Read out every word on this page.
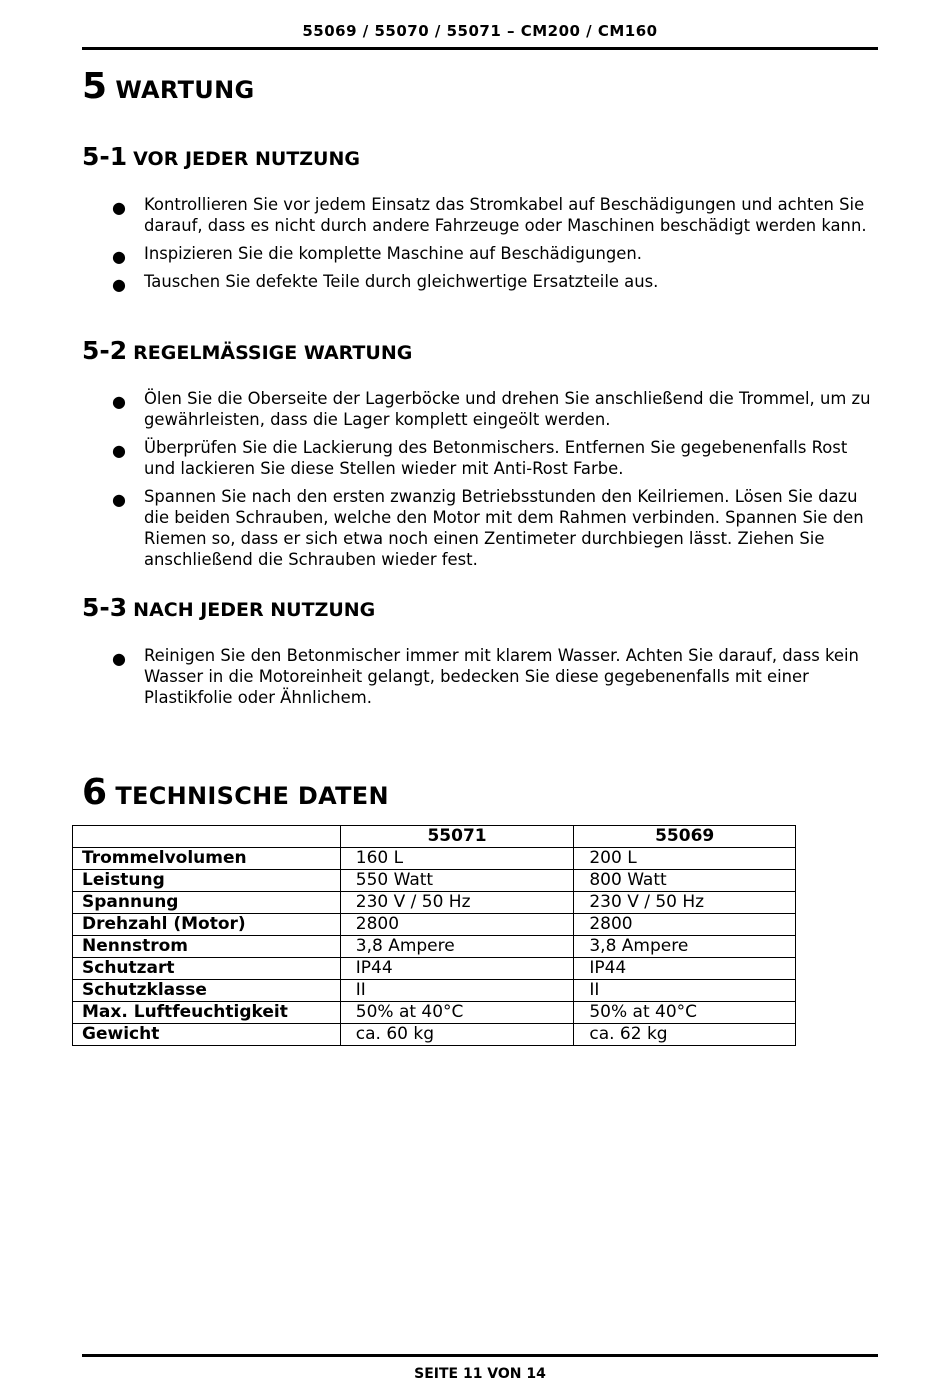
55069 / 55070 / 55071 – CM200 / CM160
5 WARTUNG
5-1 VOR JEDER NUTZUNG
● Kontrollieren Sie vor jedem Einsatz das Stromkabel auf Beschädigungen und achten Sie darauf, dass es nicht durch andere Fahrzeuge oder Maschinen beschädigt werden kann.
● Inspizieren Sie die komplette Maschine auf Beschädigungen.
● Tauschen Sie defekte Teile durch gleichwertige Ersatzteile aus.
5-2 REGELMÄSSIGE WARTUNG
● Ölen Sie die Oberseite der Lagerböcke und drehen Sie anschließend die Trommel, um zu gewährleisten, dass die Lager komplett eingeölt werden.
● Überprüfen Sie die Lackierung des Betonmischers. Entfernen Sie gegebenenfalls Rost und lackieren Sie diese Stellen wieder mit Anti-Rost Farbe.
● Spannen Sie nach den ersten zwanzig Betriebsstunden den Keilriemen. Lösen Sie dazu die beiden Schrauben, welche den Motor mit dem Rahmen verbinden. Spannen Sie den Riemen so, dass er sich etwa noch einen Zentimeter durchbiegen lässt. Ziehen Sie anschließend die Schrauben wieder fest.
5-3 NACH JEDER NUTZUNG
● Reinigen Sie den Betonmischer immer mit klarem Wasser. Achten Sie darauf, dass kein Wasser in die Motoreinheit gelangt, bedecken Sie diese gegebenenfalls mit einer Plastikfolie oder Ähnlichem.
6 TECHNISCHE DATEN
	55071	55069
Trommelvolumen	160 L	200 L
Leistung	550 Watt	800 Watt
Spannung	230 V / 50 Hz	230 V / 50 Hz
Drehzahl (Motor)	2800	2800
Nennstrom	3,8 Ampere	3,8 Ampere
Schutzart	IP44	IP44
Schutzklasse	II	II
Max. Luftfeuchtigkeit	50% at 40°C	50% at 40°C
Gewicht	ca. 60 kg	ca. 62 kg
SEITE 11 VON 14
